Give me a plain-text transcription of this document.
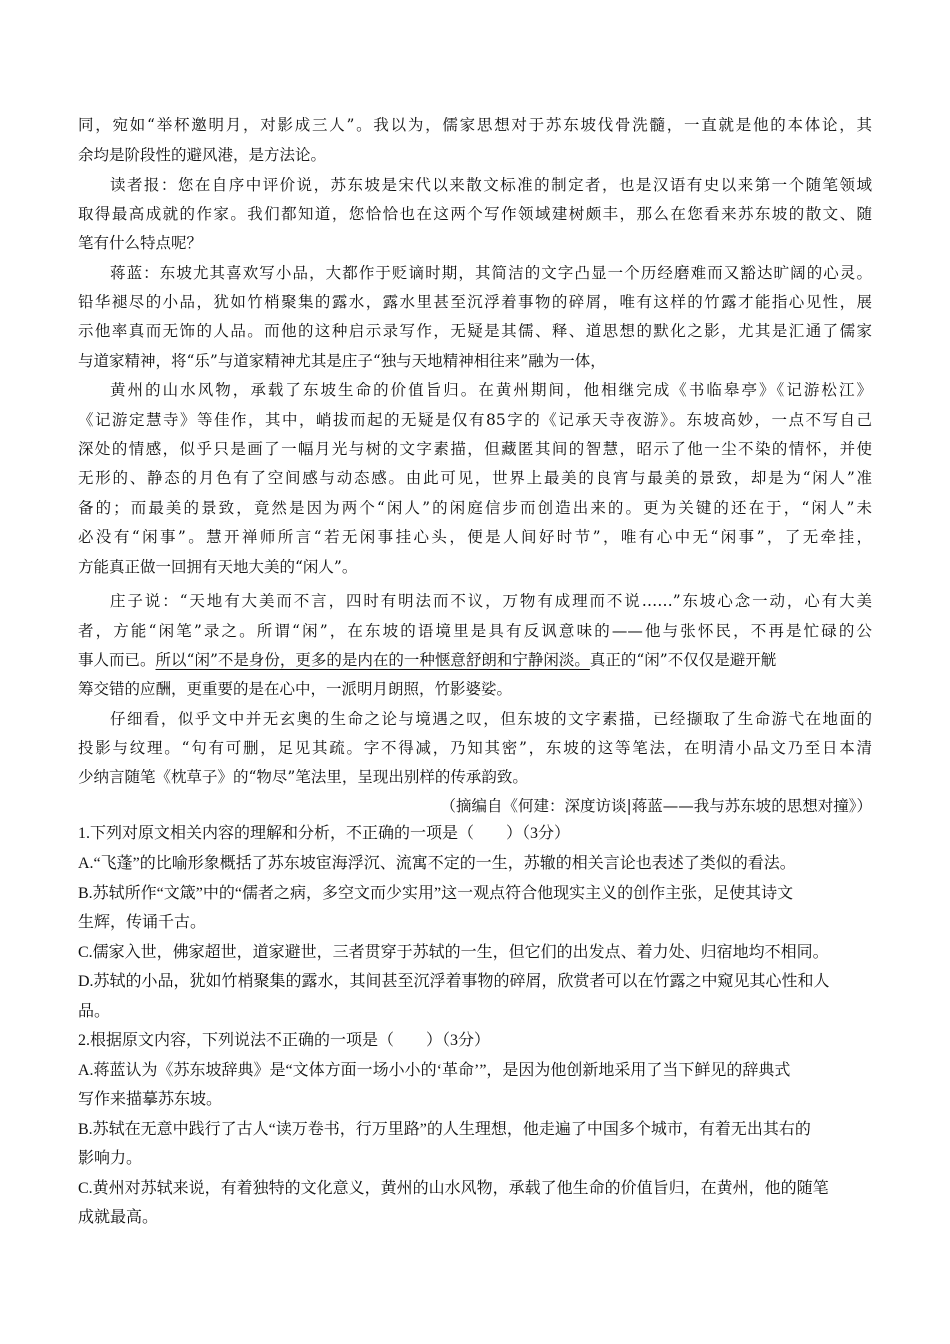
同，宛如“举杯邀明月，对影成三人”。我以为，儒家思想对于苏东坡伐骨洗髓，一直就是他的本体论，其
余均是阶段性的避风港，是方法论。
读者报：您在自序中评价说，苏东坡是宋代以来散文标准的制定者，也是汉语有史以来第一个随笔领域
取得最高成就的作家。我们都知道，您恰恰也在这两个写作领域建树颇丰，那么在您看来苏东坡的散文、随
笔有什么特点呢？
蒋蓝：东坡尤其喜欢写小品，大都作于贬谪时期，其简洁的文字凸显一个历经磨难而又豁达旷阔的心灵。
铅华褪尽的小品，犹如竹梢聚集的露水，露水里甚至沉浮着事物的碎屑，唯有这样的竹露才能指心见性，展
示他率真而无饰的人品。而他的这种启示录写作，无疑是其儒、释、道思想的默化之影，尤其是汇通了儒家
与道家精神，将“乐”与道家精神尤其是庄子“独与天地精神相往来”融为一体，
黄州的山水风物，承载了东坡生命的价值旨归。在黄州期间，他相继完成《书临皋亭》《记游松江》
《记游定慧寺》等佳作，其中，峭拔而起的无疑是仅有85字的《记承天寺夜游》。东坡高妙，一点不写自己
深处的情感，似乎只是画了一幅月光与树的文字素描，但藏匿其间的智慧，昭示了他一尘不染的情怀，并使
无形的、静态的月色有了空间感与动态感。由此可见，世界上最美的良宵与最美的景致，却是为“闲人”准
备的；而最美的景致，竟然是因为两个“闲人”的闲庭信步而创造出来的。更为关键的还在于，“闲人”未
必没有“闲事”。慧开禅师所言“若无闲事挂心头，便是人间好时节”，唯有心中无“闲事”，了无牵挂，
方能真正做一回拥有天地大美的“闲人”。
庄子说：“天地有大美而不言，四时有明法而不议，万物有成理而不说……”东坡心念一动，心有大美
者，方能“闲笔”录之。所谓“闲”，在东坡的语境里是具有反讽意味的——他与张怀民，不再是忙碌的公
事人而已。所以“闲”不是身份，更多的是内在的一种惬意舒朗和宁静闲淡。真正的“闲”不仅仅是避开觥
筹交错的应酬，更重要的是在心中，一派明月朗照，竹影婆娑。
仔细看，似乎文中并无玄奥的生命之论与境遇之叹，但东坡的文字素描，已经撷取了生命游弋在地面的
投影与纹理。“句有可删，足见其疏。字不得减，乃知其密”，东坡的这等笔法，在明清小品文乃至日本清
少纳言随笔《枕草子》的“物尽”笔法里，呈现出别样的传承韵致。
（摘编自《何建：深度访谈|蒋蓝——我与苏东坡的思想对撞》）
1.下列对原文相关内容的理解和分析，不正确的一项是（　　）（3分）
A.“飞蓬”的比喻形象概括了苏东坡宦海浮沉、流寓不定的一生，苏辙的相关言论也表述了类似的看法。
B.苏轼所作“文箴”中的“儒者之病，多空文而少实用”这一观点符合他现实主义的创作主张，足使其诗文
生辉，传诵千古。
C.儒家入世，佛家超世，道家避世，三者贯穿于苏轼的一生，但它们的出发点、着力处、归宿地均不相同。
D.苏轼的小品，犹如竹梢聚集的露水，其间甚至沉浮着事物的碎屑，欣赏者可以在竹露之中窥见其心性和人
品。
2.根据原文内容，下列说法不正确的一项是（　　）（3分）
A.蒋蓝认为《苏东坡辞典》是“文体方面一场小小的‘革命’”，是因为他创新地采用了当下鲜见的辞典式
写作来描摹苏东坡。
B.苏轼在无意中践行了古人“读万卷书，行万里路”的人生理想，他走遍了中国多个城市，有着无出其右的
影响力。
C.黄州对苏轼来说，有着独特的文化意义，黄州的山水风物，承载了他生命的价值旨归，在黄州，他的随笔
成就最高。
